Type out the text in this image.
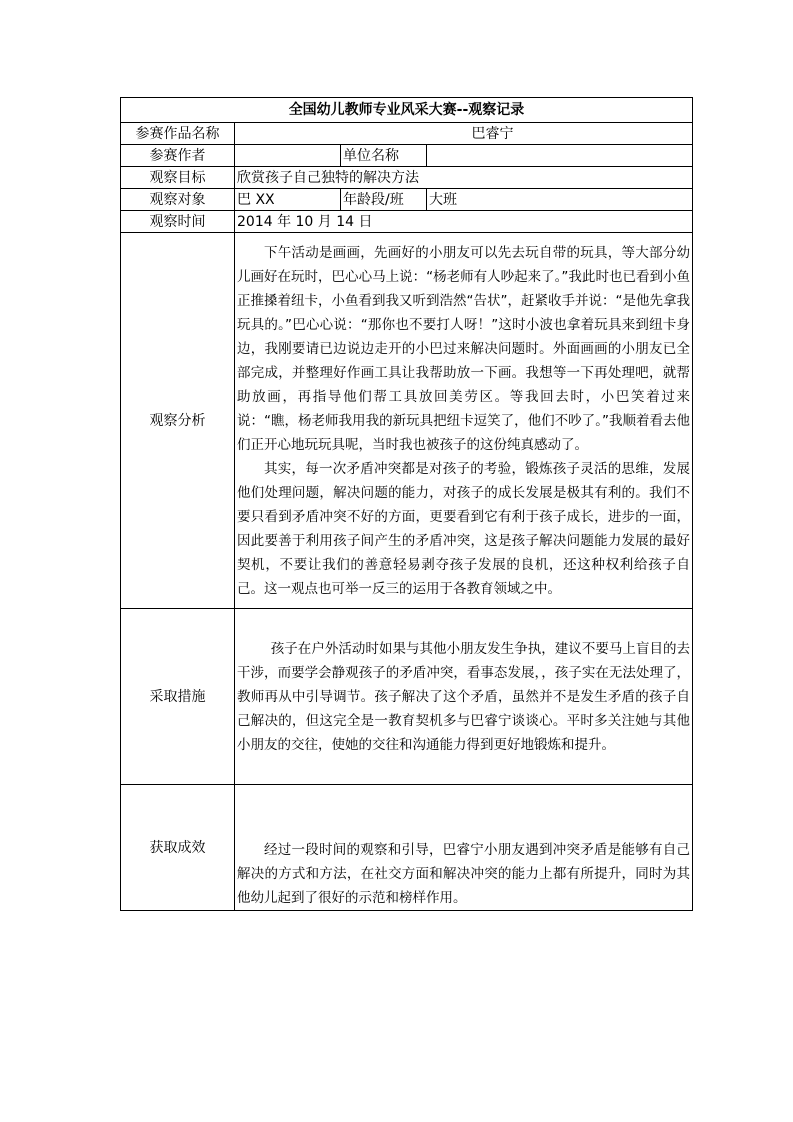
全国幼儿教师专业风采大赛--观察记录			
参赛作品名称	巴睿宁		
参赛作者		单位名称	
观察目标	欣赏孩子自己独特的解决方法		
观察对象	巴 XX	年龄段/班	大班
观察时间	2014 年 10 月 14 日		
观察分析	下午活动是画画，先画好的小朋友可以先去玩自带的玩具，等大部分幼儿画好在玩时，巴心心马上说：“杨老师有人吵起来了。”我此时也已看到小鱼正推搡着纽卡，小鱼看到我又听到浩然“告状”，赶紧收手并说：“是他先拿我玩具的。”巴心心说：“那你也不要打人呀！”这时小波也拿着玩具来到纽卡身边，我刚要请已边说边走开的小巴过来解决问题时。外面画画的小朋友已全部完成，并整理好作画工具让我帮助放一下画。我想等一下再处理吧，就帮助放画，再指导他们帮工具放回美劳区。等我回去时，小巴笑着过来说：“瞧，杨老师我用我的新玩具把纽卡逗笑了，他们不吵了。”我顺着看去他们正开心地玩玩具呢，当时我也被孩子的这份纯真感动了。

其实，每一次矛盾冲突都是对孩子的考验，锻炼孩子灵活的思维，发展他们处理问题，解决问题的能力，对孩子的成长发展是极其有利的。我们不要只看到矛盾冲突不好的方面，更要看到它有利于孩子成长，进步的一面，因此要善于利用孩子间产生的矛盾冲突，这是孩子解决问题能力发展的最好契机，不要让我们的善意轻易剥夺孩子发展的良机，还这种权利给孩子自己。这一观点也可举一反三的运用于各教育领域之中。		

采取措施	孩子在户外活动时如果与其他小朋友发生争执，建议不要马上盲目的去干涉，而要学会静观孩子的矛盾冲突，看事态发展，，孩子实在无法处理了，教师再从中引导调节。孩子解决了这个矛盾，虽然并不是发生矛盾的孩子自己解决的，但这完全是一教育契机多与巴睿宁谈谈心。平时多关注她与其他小朋友的交往，使她的交往和沟通能力得到更好地锻炼和提升。		

获取成效	经过一段时间的观察和引导，巴睿宁小朋友遇到冲突矛盾是能够有自己解决的方式和方法，在社交方面和解决冲突的能力上都有所提升，同时为其他幼儿起到了很好的示范和榜样作用。		
